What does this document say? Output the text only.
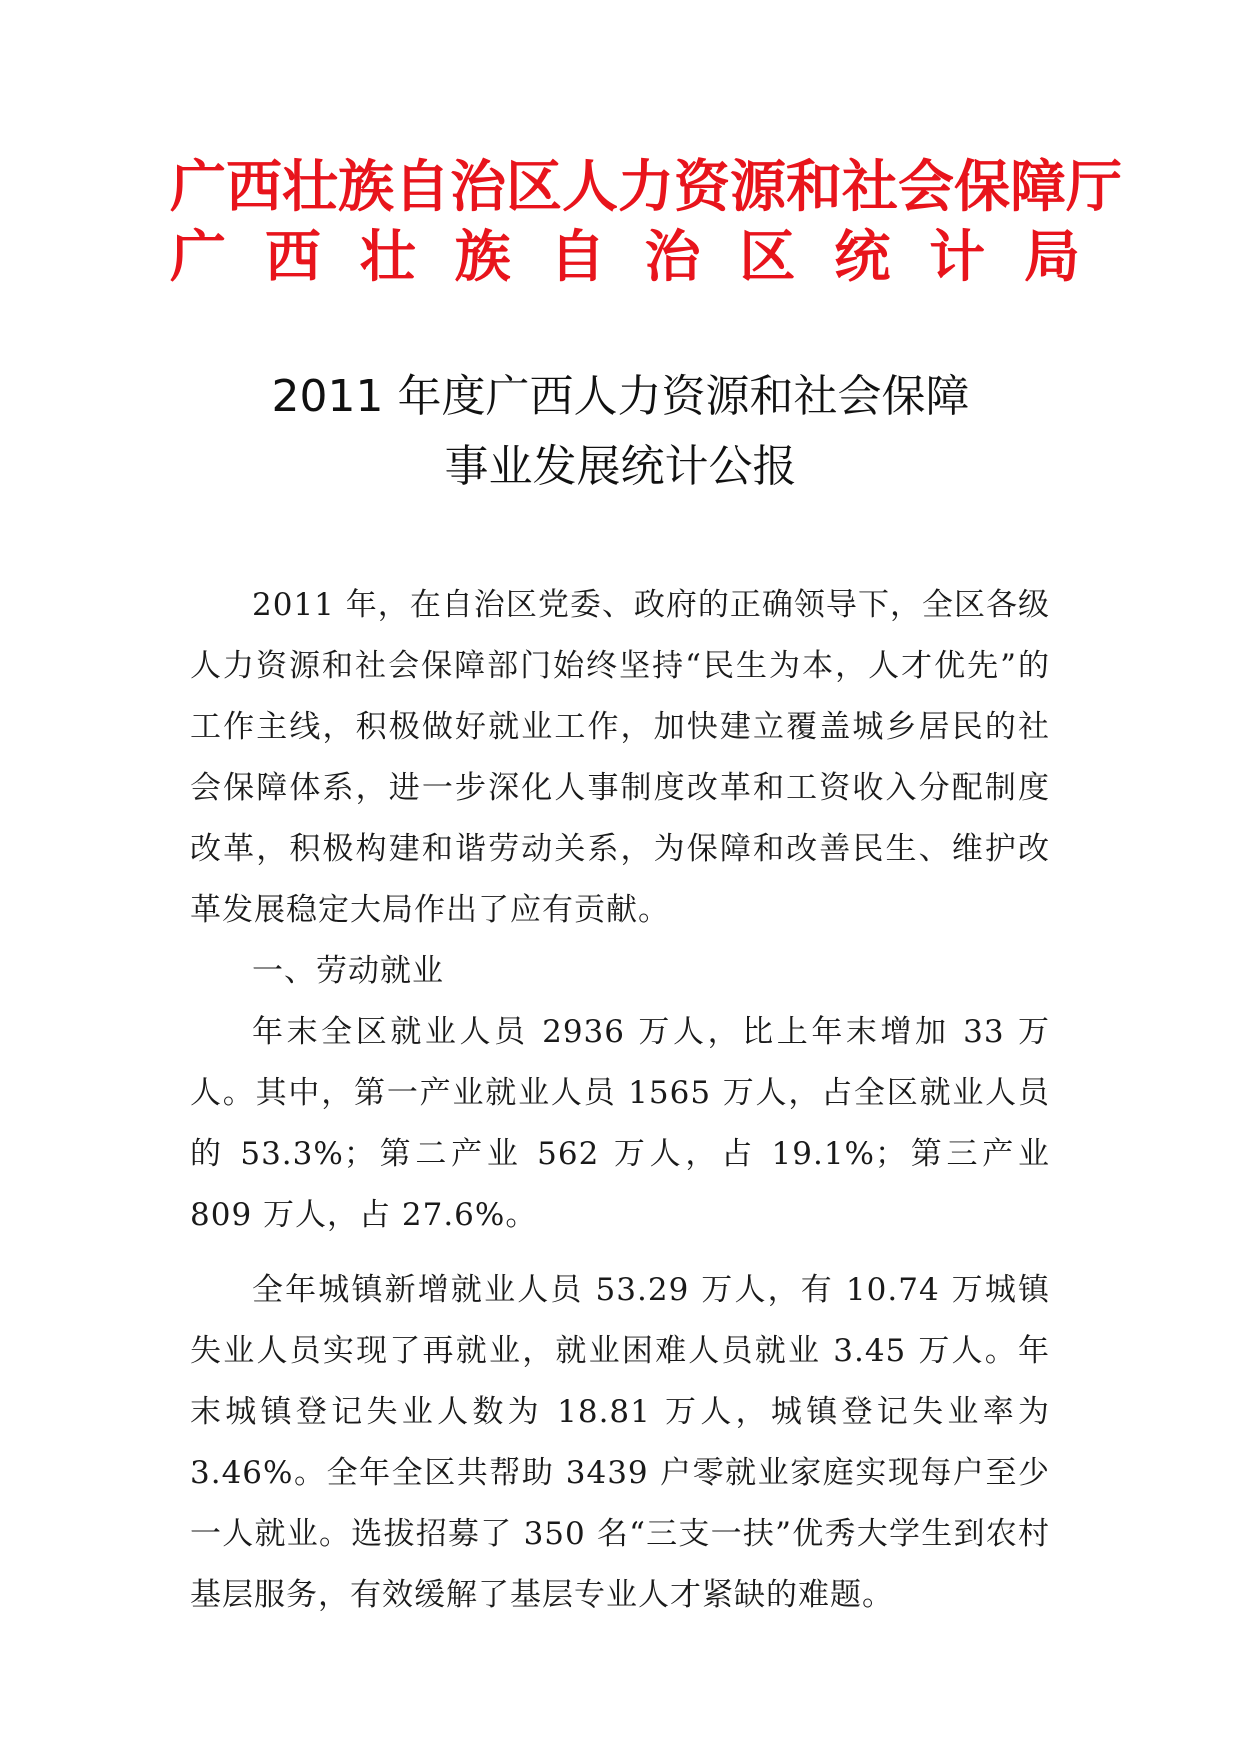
广西壮族自治区人力资源和社会保障厅
广 西 壮 族 自 治 区 统 计 局
2011 年度广西人力资源和社会保障
事业发展统计公报

2011 年，在自治区党委、政府的正确领导下，全区各级人力资源和社会保障部门始终坚持“民生为本，人才优先”的工作主线，积极做好就业工作，加快建立覆盖城乡居民的社会保障体系，进一步深化人事制度改革和工资收入分配制度改革，积极构建和谐劳动关系，为保障和改善民生、维护改革发展稳定大局作出了应有贡献。

一、劳动就业

年末全区就业人员 2936 万人，比上年末增加 33 万人。其中，第一产业就业人员 1565 万人，占全区就业人员的 53.3%；第二产业 562 万人，占 19.1%；第三产业 809 万人，占 27.6%。

全年城镇新增就业人员 53.29 万人，有 10.74 万城镇失业人员实现了再就业，就业困难人员就业 3.45 万人。年末城镇登记失业人数为 18.81 万人，城镇登记失业率为 3.46%。全年全区共帮助 3439 户零就业家庭实现每户至少一人就业。选拔招募了 350 名“三支一扶”优秀大学生到农村基层服务，有效缓解了基层专业人才紧缺的难题。
